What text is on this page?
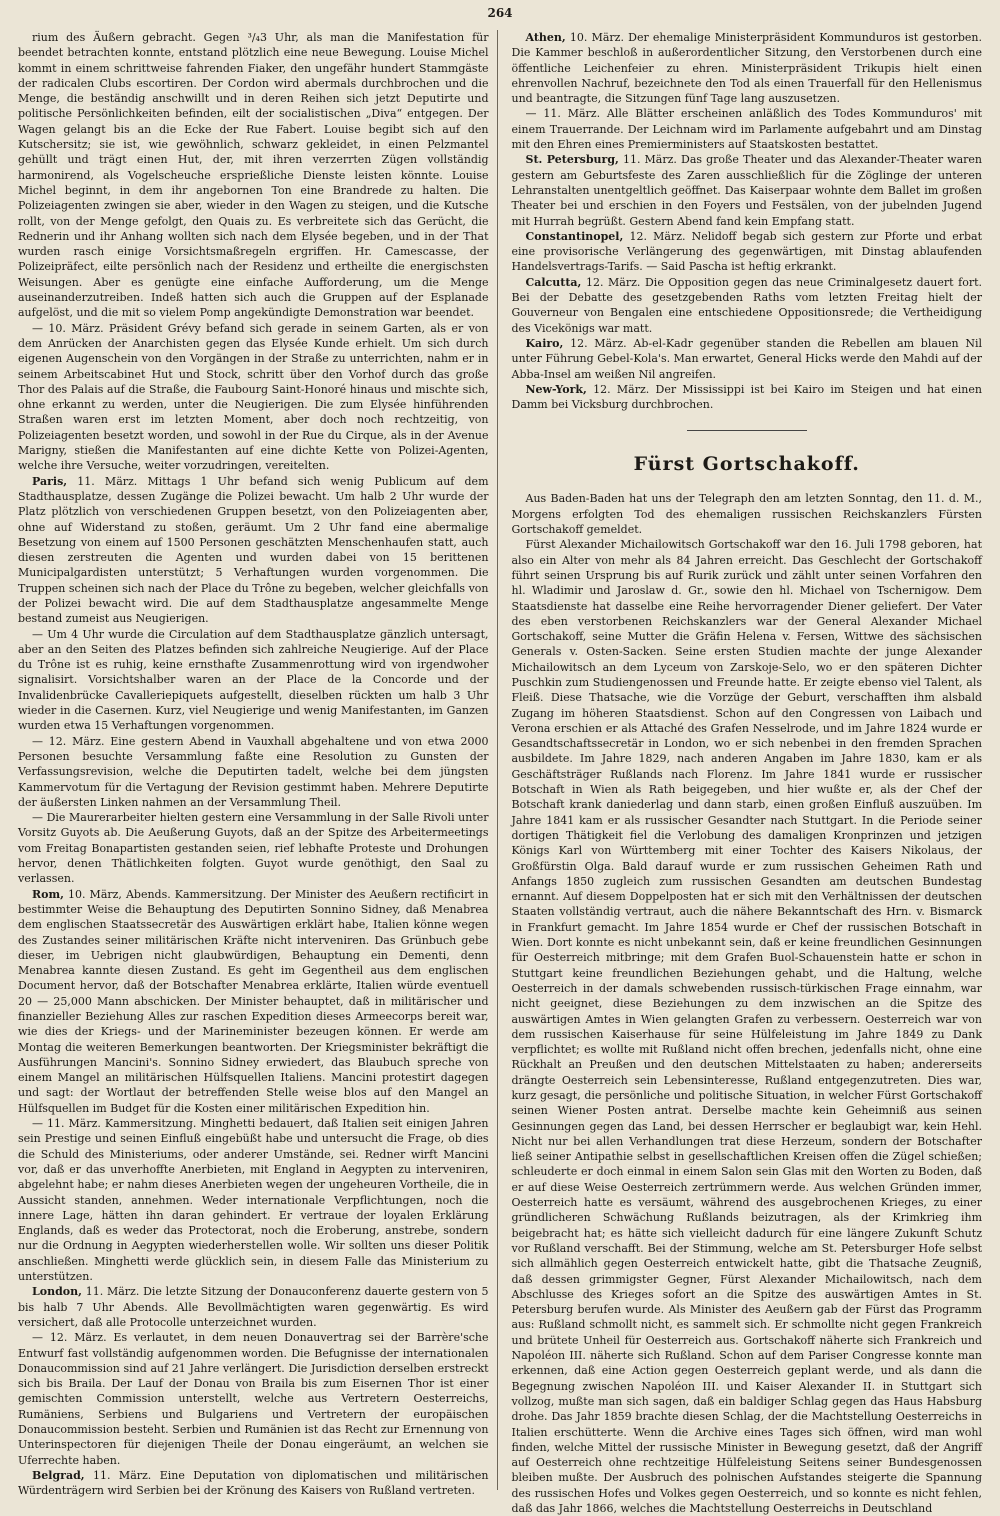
264

rium des Äußern gebracht. Gegen ³/₄3 Uhr, als man die Manifestation für beendet betrachten konnte, entstand plötzlich eine neue Bewegung. Louise Michel kommt in einem schrittweise fahrenden Fiaker, den ungefähr hundert Stammgäste der radicalen Clubs escortiren. Der Cordon wird abermals durchbrochen und die Menge, die beständig anschwillt und in deren Reihen sich jetzt Deputirte und politische Persönlichkeiten befinden, eilt der socialistischen „Diva“ entgegen. Der Wagen gelangt bis an die Ecke der Rue Fabert. Louise begibt sich auf den Kutschersitz; sie ist, wie gewöhnlich, schwarz gekleidet, in einen Pelzmantel gehüllt und trägt einen Hut, der, mit ihren verzerrten Zügen vollständig harmonirend, als Vogelscheuche ersprießliche Dienste leisten könnte. Louise Michel beginnt, in dem ihr angebornen Ton eine Brandrede zu halten. Die Polizeiagenten zwingen sie aber, wieder in den Wagen zu steigen, und die Kutsche rollt, von der Menge gefolgt, den Quais zu. Es verbreitete sich das Gerücht, die Rednerin und ihr Anhang wollten sich nach dem Elysée begeben, und in der That wurden rasch einige Vorsichtsmaßregeln ergriffen. Hr. Camescasse, der Polizeipräfect, eilte persönlich nach der Residenz und ertheilte die energischsten Weisungen. Aber es genügte eine einfache Aufforderung, um die Menge auseinanderzutreiben. Indeß hatten sich auch die Gruppen auf der Esplanade aufgelöst, und die mit so vielem Pomp angekündigte Demonstration war beendet.

— 10. März. Präsident Grévy befand sich gerade in seinem Garten, als er von dem Anrücken der Anarchisten gegen das Elysée Kunde erhielt. Um sich durch eigenen Augenschein von den Vorgängen in der Straße zu unterrichten, nahm er in seinem Arbeitscabinet Hut und Stock, schritt über den Vorhof durch das große Thor des Palais auf die Straße, die Faubourg Saint-Honoré hinaus und mischte sich, ohne erkannt zu werden, unter die Neugierigen. Die zum Elysée hinführenden Straßen waren erst im letzten Moment, aber doch noch rechtzeitig, von Polizeiagenten besetzt worden, und sowohl in der Rue du Cirque, als in der Avenue Marigny, stießen die Manifestanten auf eine dichte Kette von Polizei-Agenten, welche ihre Versuche, weiter vorzudringen, vereitelten.

Paris, 11. März. Mittags 1 Uhr befand sich wenig Publicum auf dem Stadthausplatze, dessen Zugänge die Polizei bewacht. Um halb 2 Uhr wurde der Platz plötzlich von verschiedenen Gruppen besetzt, von den Polizeiagenten aber, ohne auf Widerstand zu stoßen, geräumt. Um 2 Uhr fand eine abermalige Besetzung von einem auf 1500 Personen geschätzten Menschenhaufen statt, auch diesen zerstreuten die Agenten und wurden dabei von 15 berittenen Municipalgardisten unterstützt; 5 Verhaftungen wurden vorgenommen. Die Truppen scheinen sich nach der Place du Trône zu begeben, welcher gleichfalls von der Polizei bewacht wird. Die auf dem Stadthausplatze angesammelte Menge bestand zumeist aus Neugierigen.

— Um 4 Uhr wurde die Circulation auf dem Stadthausplatze gänzlich untersagt, aber an den Seiten des Platzes befinden sich zahlreiche Neugierige. Auf der Place du Trône ist es ruhig, keine ernsthafte Zusammenrottung wird von irgendwoher signalisirt. Vorsichtshalber waren an der Place de la Concorde und der Invalidenbrücke Cavalleriepiquets aufgestellt, dieselben rückten um halb 3 Uhr wieder in die Casernen. Kurz, viel Neugierige und wenig Manifestanten, im Ganzen wurden etwa 15 Verhaftungen vorgenommen.

— 12. März. Eine gestern Abend in Vauxhall abgehaltene und von etwa 2000 Personen besuchte Versammlung faßte eine Resolution zu Gunsten der Verfassungsrevision, welche die Deputirten tadelt, welche bei dem jüngsten Kammervotum für die Vertagung der Revision gestimmt haben. Mehrere Deputirte der äußersten Linken nahmen an der Versammlung Theil.

— Die Maurerarbeiter hielten gestern eine Versammlung in der Salle Rivoli unter Vorsitz Guyots ab. Die Aeußerung Guyots, daß an der Spitze des Arbeitermeetings vom Freitag Bonapartisten gestanden seien, rief lebhafte Proteste und Drohungen hervor, denen Thätlichkeiten folgten. Guyot wurde genöthigt, den Saal zu verlassen.

Rom, 10. März, Abends. Kammersitzung. Der Minister des Aeußern rectificirt in bestimmter Weise die Behauptung des Deputirten Sonnino Sidney, daß Menabrea dem englischen Staatssecretär des Auswärtigen erklärt habe, Italien könne wegen des Zustandes seiner militärischen Kräfte nicht interveniren. Das Grünbuch gebe dieser, im Uebrigen nicht glaubwürdigen, Behauptung ein Dementi, denn Menabrea kannte diesen Zustand. Es geht im Gegentheil aus dem englischen Document hervor, daß der Botschafter Menabrea erklärte, Italien würde eventuell 20 — 25,000 Mann abschicken. Der Minister behauptet, daß in militärischer und finanzieller Beziehung Alles zur raschen Expedition dieses Armeecorps bereit war, wie dies der Kriegs- und der Marineminister bezeugen können. Er werde am Montag die weiteren Bemerkungen beantworten. Der Kriegsminister bekräftigt die Ausführungen Mancini's. Sonnino Sidney erwiedert, das Blaubuch spreche von einem Mangel an militärischen Hülfsquellen Italiens. Mancini protestirt dagegen und sagt: der Wortlaut der betreffenden Stelle weise blos auf den Mangel an Hülfsquellen im Budget für die Kosten einer militärischen Expedition hin.

— 11. März. Kammersitzung. Minghetti bedauert, daß Italien seit einigen Jahren sein Prestige und seinen Einfluß eingebüßt habe und untersucht die Frage, ob dies die Schuld des Ministeriums, oder anderer Umstände, sei. Redner wirft Mancini vor, daß er das unverhoffte Anerbieten, mit England in Aegypten zu interveniren, abgelehnt habe; er nahm dieses Anerbieten wegen der ungeheuren Vortheile, die in Aussicht standen, annehmen. Weder internationale Verpflichtungen, noch die innere Lage, hätten ihn daran gehindert. Er vertraue der loyalen Erklärung Englands, daß es weder das Protectorat, noch die Eroberung, anstrebe, sondern nur die Ordnung in Aegypten wiederherstellen wolle. Wir sollten uns dieser Politik anschließen. Minghetti werde glücklich sein, in diesem Falle das Ministerium zu unterstützen.

London, 11. März. Die letzte Sitzung der Donauconferenz dauerte gestern von 5 bis halb 7 Uhr Abends. Alle Bevollmächtigten waren gegenwärtig. Es wird versichert, daß alle Protocolle unterzeichnet wurden.

— 12. März. Es verlautet, in dem neuen Donauvertrag sei der Barrère'sche Entwurf fast vollständig aufgenommen worden. Die Befugnisse der internationalen Donaucommission sind auf 21 Jahre verlängert. Die Jurisdiction derselben erstreckt sich bis Braila. Der Lauf der Donau von Braila bis zum Eisernen Thor ist einer gemischten Commission unterstellt, welche aus Vertretern Oesterreichs, Rumäniens, Serbiens und Bulgariens und Vertretern der europäischen Donaucommission besteht. Serbien und Rumänien ist das Recht zur Ernennung von Unterinspectoren für diejenigen Theile der Donau eingeräumt, an welchen sie Uferrechte haben.

Belgrad, 11. März. Eine Deputation von diplomatischen und militärischen Würdenträgern wird Serbien bei der Krönung des Kaisers von Rußland vertreten.

Athen, 10. März. Der ehemalige Ministerpräsident Kommunduros ist gestorben. Die Kammer beschloß in außerordentlicher Sitzung, den Verstorbenen durch eine öffentliche Leichenfeier zu ehren. Ministerpräsident Trikupis hielt einen ehrenvollen Nachruf, bezeichnete den Tod als einen Trauerfall für den Hellenismus und beantragte, die Sitzungen fünf Tage lang auszusetzen.

— 11. März. Alle Blätter erscheinen anläßlich des Todes Kommunduros' mit einem Trauerrande. Der Leichnam wird im Parlamente aufgebahrt und am Dinstag mit den Ehren eines Premierministers auf Staatskosten bestattet.

St. Petersburg, 11. März. Das große Theater und das Alexander-Theater waren gestern am Geburtsfeste des Zaren ausschließlich für die Zöglinge der unteren Lehranstalten unentgeltlich geöffnet. Das Kaiserpaar wohnte dem Ballet im großen Theater bei und erschien in den Foyers und Festsälen, von der jubelnden Jugend mit Hurrah begrüßt. Gestern Abend fand kein Empfang statt.

Constantinopel, 12. März. Nelidoff begab sich gestern zur Pforte und erbat eine provisorische Verlängerung des gegenwärtigen, mit Dinstag ablaufenden Handelsvertrags-Tarifs. — Said Pascha ist heftig erkrankt.

Calcutta, 12. März. Die Opposition gegen das neue Criminalgesetz dauert fort. Bei der Debatte des gesetzgebenden Raths vom letzten Freitag hielt der Gouverneur von Bengalen eine entschiedene Oppositionsrede; die Vertheidigung des Vicekönigs war matt.

Kairo, 12. März. Ab-el-Kadr gegenüber standen die Rebellen am blauen Nil unter Führung Gebel-Kola's. Man erwartet, General Hicks werde den Mahdi auf der Abba-Insel am weißen Nil angreifen.

New-York, 12. März. Der Mississippi ist bei Kairo im Steigen und hat einen Damm bei Vicksburg durchbrochen.

Fürst Gortschakoff.

Aus Baden-Baden hat uns der Telegraph den am letzten Sonntag, den 11. d. M., Morgens erfolgten Tod des ehemaligen russischen Reichskanzlers Fürsten Gortschakoff gemeldet.

Fürst Alexander Michailowitsch Gortschakoff war den 16. Juli 1798 geboren, hat also ein Alter von mehr als 84 Jahren erreicht. Das Geschlecht der Gortschakoff führt seinen Ursprung bis auf Rurik zurück und zählt unter seinen Vorfahren den hl. Wladimir und Jaroslaw d. Gr., sowie den hl. Michael von Tschernigow. Dem Staatsdienste hat dasselbe eine Reihe hervorragender Diener geliefert. Der Vater des eben verstorbenen Reichskanzlers war der General Alexander Michael Gortschakoff, seine Mutter die Gräfin Helena v. Fersen, Wittwe des sächsischen Generals v. Osten-Sacken. Seine ersten Studien machte der junge Alexander Michailowitsch an dem Lyceum von Zarskoje-Selo, wo er den späteren Dichter Puschkin zum Studiengenossen und Freunde hatte. Er zeigte ebenso viel Talent, als Fleiß. Diese Thatsache, wie die Vorzüge der Geburt, verschafften ihm alsbald Zugang im höheren Staatsdienst. Schon auf den Congressen von Laibach und Verona erschien er als Attaché des Grafen Nesselrode, und im Jahre 1824 wurde er Gesandtschaftssecretär in London, wo er sich nebenbei in den fremden Sprachen ausbildete. Im Jahre 1829, nach anderen Angaben im Jahre 1830, kam er als Geschäftsträger Rußlands nach Florenz. Im Jahre 1841 wurde er russischer Botschaft in Wien als Rath beigegeben, und hier wußte er, als der Chef der Botschaft krank daniederlag und dann starb, einen großen Einfluß auszuüben. Im Jahre 1841 kam er als russischer Gesandter nach Stuttgart. In die Periode seiner dortigen Thätigkeit fiel die Verlobung des damaligen Kronprinzen und jetzigen Königs Karl von Württemberg mit einer Tochter des Kaisers Nikolaus, der Großfürstin Olga. Bald darauf wurde er zum russischen Geheimen Rath und Anfangs 1850 zugleich zum russischen Gesandten am deutschen Bundestag ernannt. Auf diesem Doppelposten hat er sich mit den Verhältnissen der deutschen Staaten vollständig vertraut, auch die nähere Bekanntschaft des Hrn. v. Bismarck in Frankfurt gemacht. Im Jahre 1854 wurde er Chef der russischen Botschaft in Wien. Dort konnte es nicht unbekannt sein, daß er keine freundlichen Gesinnungen für Oesterreich mitbringe; mit dem Grafen Buol-Schauenstein hatte er schon in Stuttgart keine freundlichen Beziehungen gehabt, und die Haltung, welche Oesterreich in der damals schwebenden russisch-türkischen Frage einnahm, war nicht geeignet, diese Beziehungen zu dem inzwischen an die Spitze des auswärtigen Amtes in Wien gelangten Grafen zu verbessern. Oesterreich war von dem russischen Kaiserhause für seine Hülfeleistung im Jahre 1849 zu Dank verpflichtet; es wollte mit Rußland nicht offen brechen, jedenfalls nicht, ohne eine Rückhalt an Preußen und den deutschen Mittelstaaten zu haben; andererseits drängte Oesterreich sein Lebensinteresse, Rußland entgegenzutreten. Dies war, kurz gesagt, die persönliche und politische Situation, in welcher Fürst Gortschakoff seinen Wiener Posten antrat. Derselbe machte kein Geheimniß aus seinen Gesinnungen gegen das Land, bei dessen Herrscher er beglaubigt war, kein Hehl. Nicht nur bei allen Verhandlungen trat diese Herzeum, sondern der Botschafter ließ seiner Antipathie selbst in gesellschaftlichen Kreisen offen die Zügel schießen; schleuderte er doch einmal in einem Salon sein Glas mit den Worten zu Boden, daß er auf diese Weise Oesterreich zertrümmern werde. Aus welchen Gründen immer, Oesterreich hatte es versäumt, während des ausgebrochenen Krieges, zu einer gründlicheren Schwächung Rußlands beizutragen, als der Krimkrieg ihm beigebracht hat; es hätte sich vielleicht dadurch für eine längere Zukunft Schutz vor Rußland verschafft. Bei der Stimmung, welche am St. Petersburger Hofe selbst sich allmählich gegen Oesterreich entwickelt hatte, gibt die Thatsache Zeugniß, daß dessen grimmigster Gegner, Fürst Alexander Michailowitsch, nach dem Abschlusse des Krieges sofort an die Spitze des auswärtigen Amtes in St. Petersburg berufen wurde. Als Minister des Aeußern gab der Fürst das Programm aus: Rußland schmollt nicht, es sammelt sich. Er schmollte nicht gegen Frankreich und brütete Unheil für Oesterreich aus. Gortschakoff näherte sich Frankreich und Napoléon III. näherte sich Rußland. Schon auf dem Pariser Congresse konnte man erkennen, daß eine Action gegen Oesterreich geplant werde, und als dann die Begegnung zwischen Napoléon III. und Kaiser Alexander II. in Stuttgart sich vollzog, mußte man sich sagen, daß ein baldiger Schlag gegen das Haus Habsburg drohe. Das Jahr 1859 brachte diesen Schlag, der die Machtstellung Oesterreichs in Italien erschütterte. Wenn die Archive eines Tages sich öffnen, wird man wohl finden, welche Mittel der russische Minister in Bewegung gesetzt, daß der Angriff auf Oesterreich ohne rechtzeitige Hülfeleistung Seitens seiner Bundesgenossen bleiben mußte. Der Ausbruch des polnischen Aufstandes steigerte die Spannung des russischen Hofes und Volkes gegen Oesterreich, und so konnte es nicht fehlen, daß das Jahr 1866, welches die Machtstellung Oesterreichs in Deutschland
